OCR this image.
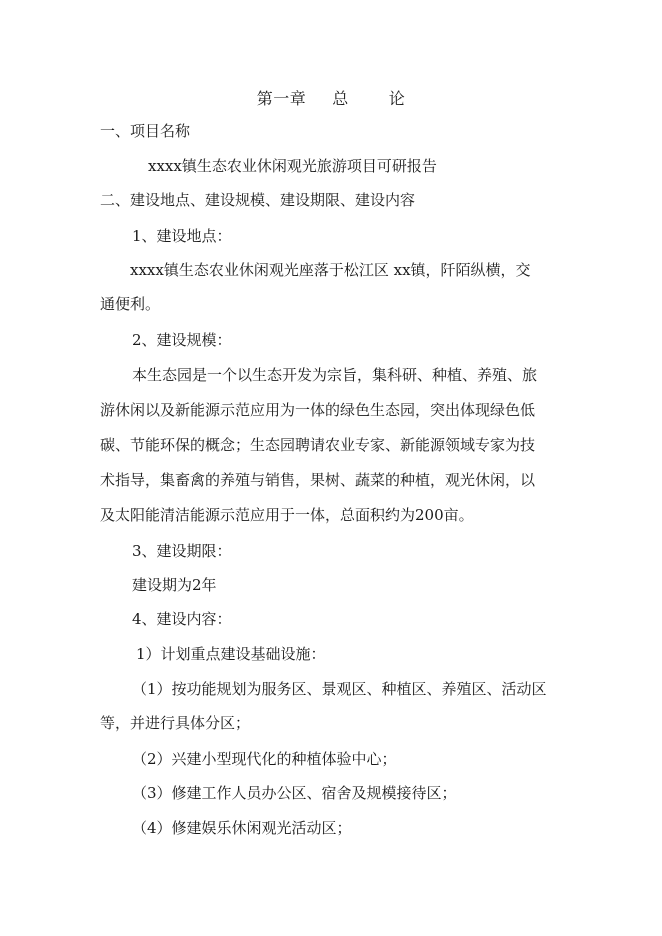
第一章 总	论
一、项目名称
xxxx镇生态农业休闲观光旅游项目可研报告
二、建设地点、建设规模、建设期限、建设内容
1、建设地点：
xxxx镇生态农业休闲观光座落于松江区 xx镇，阡陌纵横，交
通便利。
2、建设规模：
本生态园是一个以生态开发为宗旨，集科研、种植、养殖、旅
游休闲以及新能源示范应用为一体的绿色生态园，突出体现绿色低
碳、节能环保的概念；生态园聘请农业专家、新能源领域专家为技
术指导，集畜禽的养殖与销售，果树、蔬菜的种植，观光休闲，以
及太阳能清洁能源示范应用于一体，总面积约为200亩。
3、建设期限：
建设期为2年
4、建设内容：
1）计划重点建设基础设施：
（1）按功能规划为服务区、景观区、种植区、养殖区、活动区
等，并进行具体分区；
（2）兴建小型现代化的种植体验中心；
（3）修建工作人员办公区、宿舍及规模接待区；
（4）修建娱乐休闲观光活动区；
